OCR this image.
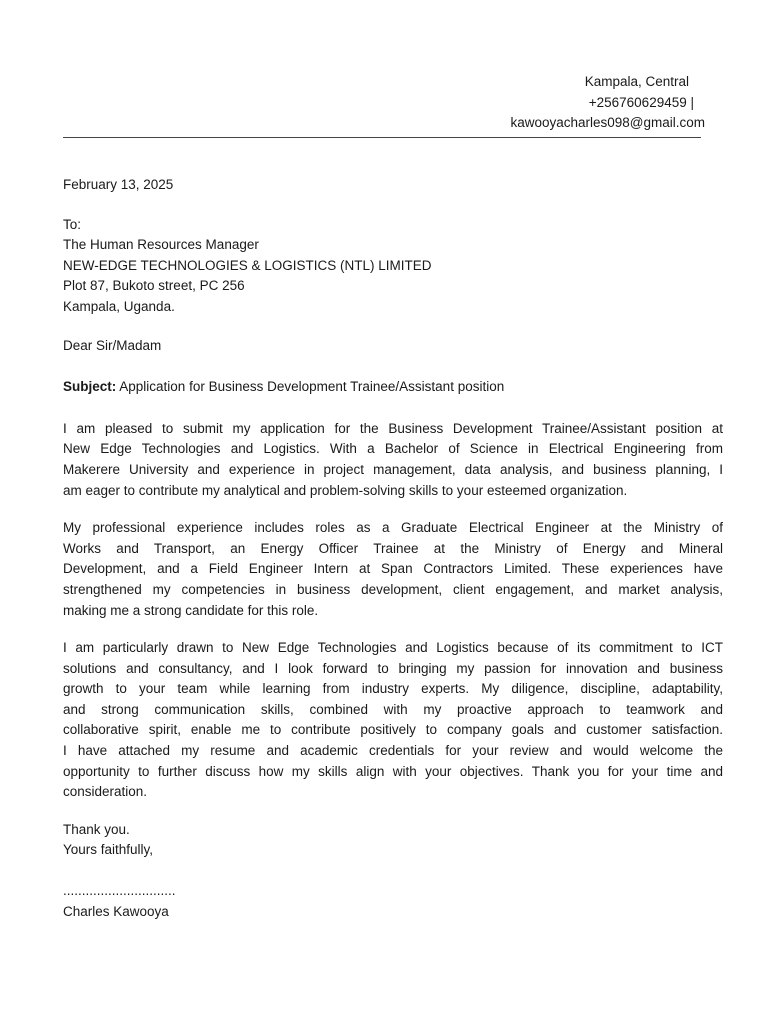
Kampala, Central
+256760629459 |
kawooyacharles098@gmail.com
February 13, 2025
To:
The Human Resources Manager
NEW-EDGE TECHNOLOGIES & LOGISTICS (NTL) LIMITED
Plot 87, Bukoto street, PC 256
Kampala, Uganda.
Dear Sir/Madam
Subject: Application for Business Development Trainee/Assistant position
I am pleased to submit my application for the Business Development Trainee/Assistant position at
New Edge Technologies and Logistics. With a Bachelor of Science in Electrical Engineering from
Makerere University and experience in project management, data analysis, and business planning, I
am eager to contribute my analytical and problem-solving skills to your esteemed organization.
My professional experience includes roles as a Graduate Electrical Engineer at the Ministry of
Works and Transport, an Energy Officer Trainee at the Ministry of Energy and Mineral
Development, and a Field Engineer Intern at Span Contractors Limited. These experiences have
strengthened my competencies in business development, client engagement, and market analysis,
making me a strong candidate for this role.
I am particularly drawn to New Edge Technologies and Logistics because of its commitment to ICT
solutions and consultancy, and I look forward to bringing my passion for innovation and business
growth to your team while learning from industry experts. My diligence, discipline, adaptability,
and strong communication skills, combined with my proactive approach to teamwork and
collaborative spirit, enable me to contribute positively to company goals and customer satisfaction.
I have attached my resume and academic credentials for your review and would welcome the
opportunity to further discuss how my skills align with your objectives. Thank you for your time and
consideration.
Thank you.
Yours faithfully,
..............................
Charles Kawooya
